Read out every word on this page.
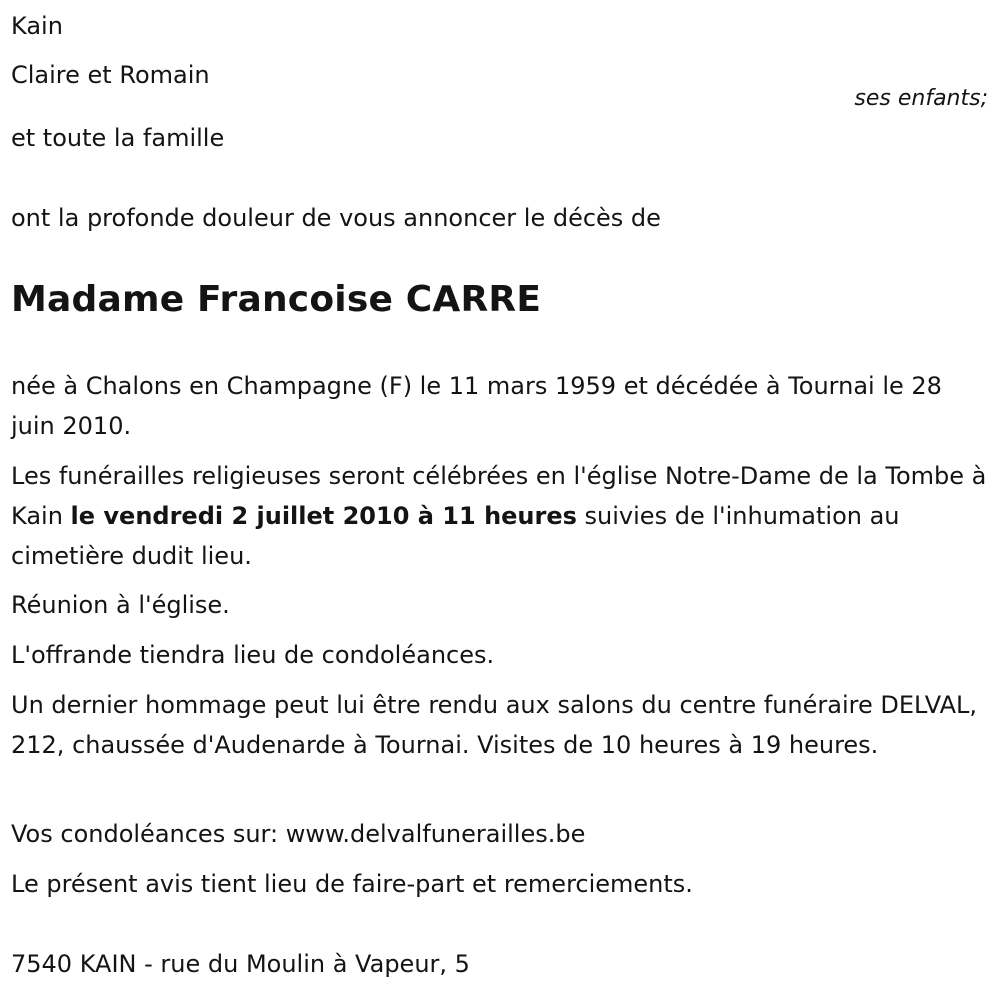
Kain

Claire et Romain

ses enfants;

et toute la famille

ont la profonde douleur de vous annoncer le décès de

Madame Francoise CARRE

née à Chalons en Champagne (F) le 11 mars 1959 et décédée à Tournai le 28 juin 2010.

Les funérailles religieuses seront célébrées en l'église Notre-Dame de la Tombe à Kain le vendredi 2 juillet 2010 à 11 heures suivies de l'inhumation au cimetière dudit lieu.

Réunion à l'église.

L'offrande tiendra lieu de condoléances.

Un dernier hommage peut lui être rendu aux salons du centre funéraire DELVAL, 212, chaussée d'Audenarde à Tournai. Visites de 10 heures à 19 heures.

Vos condoléances sur: www.delvalfunerailles.be

Le présent avis tient lieu de faire-part et remerciements.

7540 KAIN - rue du Moulin à Vapeur, 5
